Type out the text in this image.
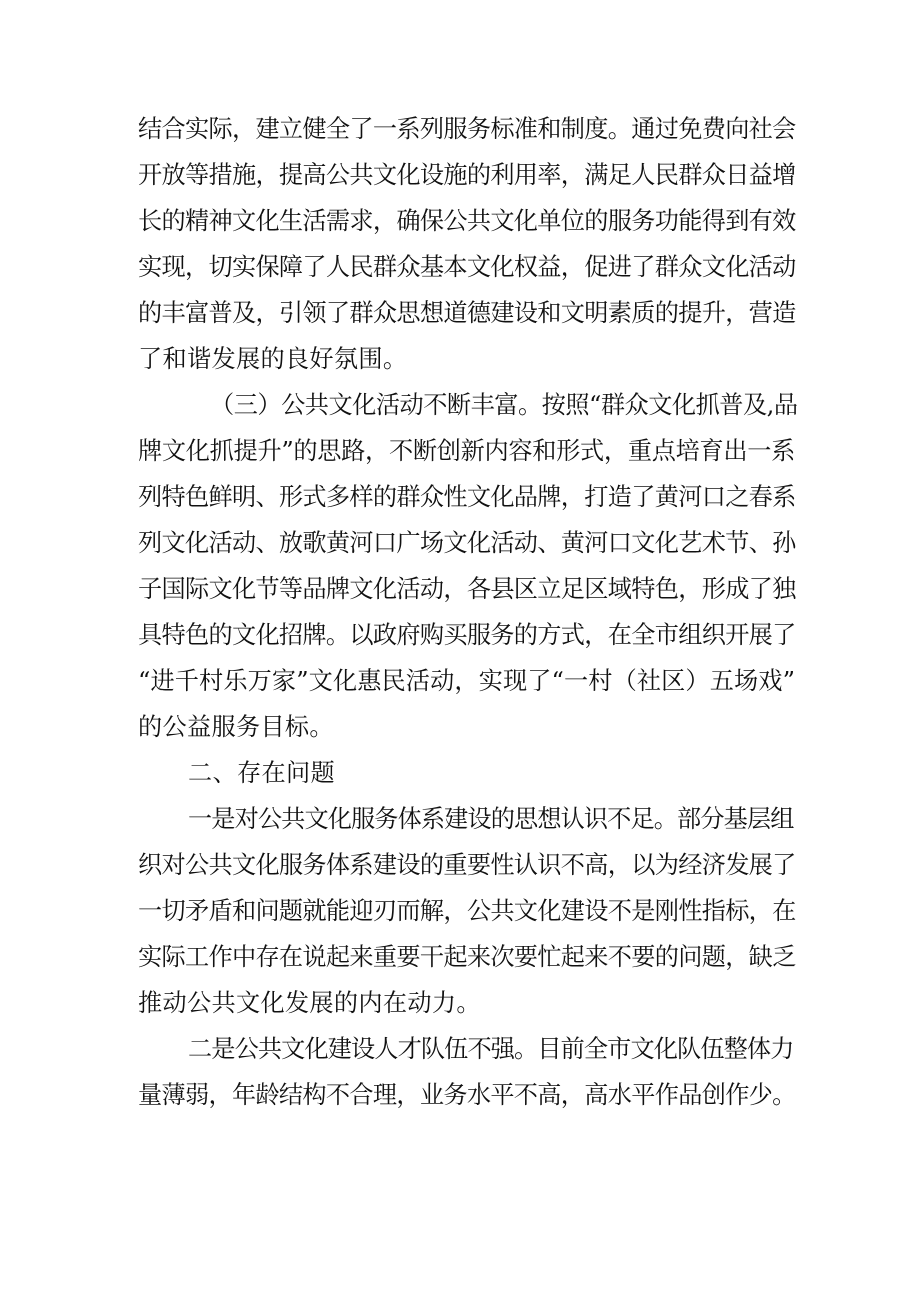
结合实际，建立健全了一系列服务标准和制度。通过免费向社会
开放等措施，提高公共文化设施的利用率，满足人民群众日益增
长的精神文化生活需求，确保公共文化单位的服务功能得到有效
实现，切实保障了人民群众基本文化权益，促进了群众文化活动
的丰富普及，引领了群众思想道德建设和文明素质的提升，营造
了和谐发展的良好氛围。
（三）公共文化活动不断丰富。按照“群众文化抓普及,品
牌文化抓提升”的思路，不断创新内容和形式，重点培育出一系
列特色鲜明、形式多样的群众性文化品牌，打造了黄河口之春系
列文化活动、放歌黄河口广场文化活动、黄河口文化艺术节、孙
子国际文化节等品牌文化活动，各县区立足区域特色，形成了独
具特色的文化招牌。以政府购买服务的方式，在全市组织开展了
“进千村乐万家”文化惠民活动，实现了“一村（社区）五场戏”
的公益服务目标。
二、存在问题
一是对公共文化服务体系建设的思想认识不足。部分基层组
织对公共文化服务体系建设的重要性认识不高，以为经济发展了
一切矛盾和问题就能迎刃而解，公共文化建设不是刚性指标，在
实际工作中存在说起来重要干起来次要忙起来不要的问题，缺乏
推动公共文化发展的内在动力。
二是公共文化建设人才队伍不强。目前全市文化队伍整体力
量薄弱，年龄结构不合理，业务水平不高，高水平作品创作少。
